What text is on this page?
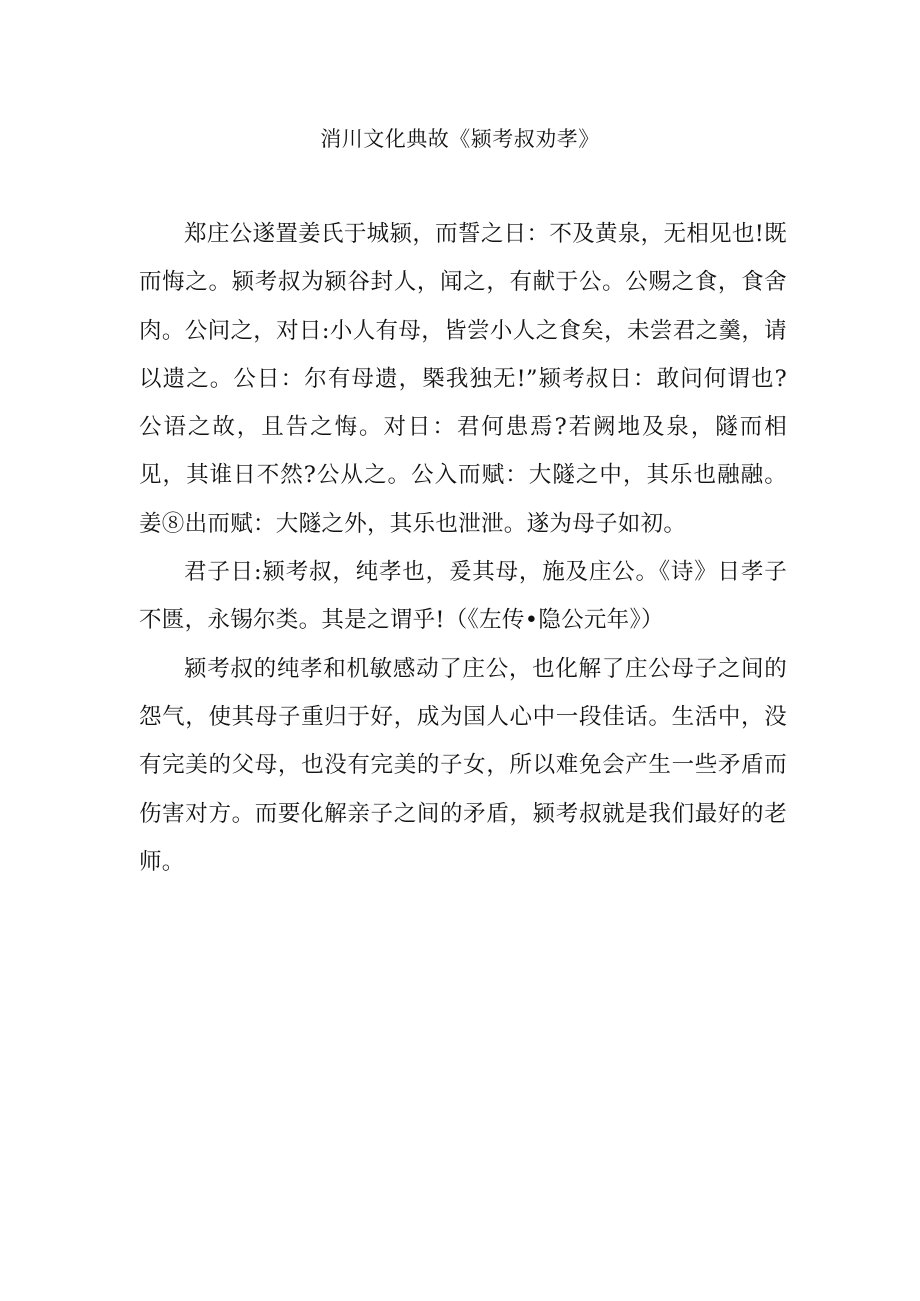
消川文化典故《颍考叔劝孝》

郑庄公遂置姜氏于城颍，而誓之日：不及黄泉，无相见也!既而悔之。颍考叔为颍谷封人，闻之，有献于公。公赐之食，食舍肉。公问之，对日:小人有母，皆尝小人之食矣，未尝君之羹，请以遗之。公日：尔有母遗，槩我独无!”颍考叔日：敢问何谓也?公语之故，且告之悔。对日：君何患焉?若阙地及泉，隧而相见，其谁日不然?公从之。公入而赋：大隧之中，其乐也融融。姜⑧出而赋：大隧之外，其乐也泄泄。遂为母子如初。

君子日:颍考叔，纯孝也，爰其母，施及庄公。《诗》日孝子不匮，永锡尔类。其是之谓乎!（《左传•隐公元年》）

颍考叔的纯孝和机敏感动了庄公，也化解了庄公母子之间的怨气，使其母子重归于好，成为国人心中一段佳话。生活中，没有完美的父母，也没有完美的子女，所以难免会产生一些矛盾而伤害对方。而要化解亲子之间的矛盾，颍考叔就是我们最好的老师。
